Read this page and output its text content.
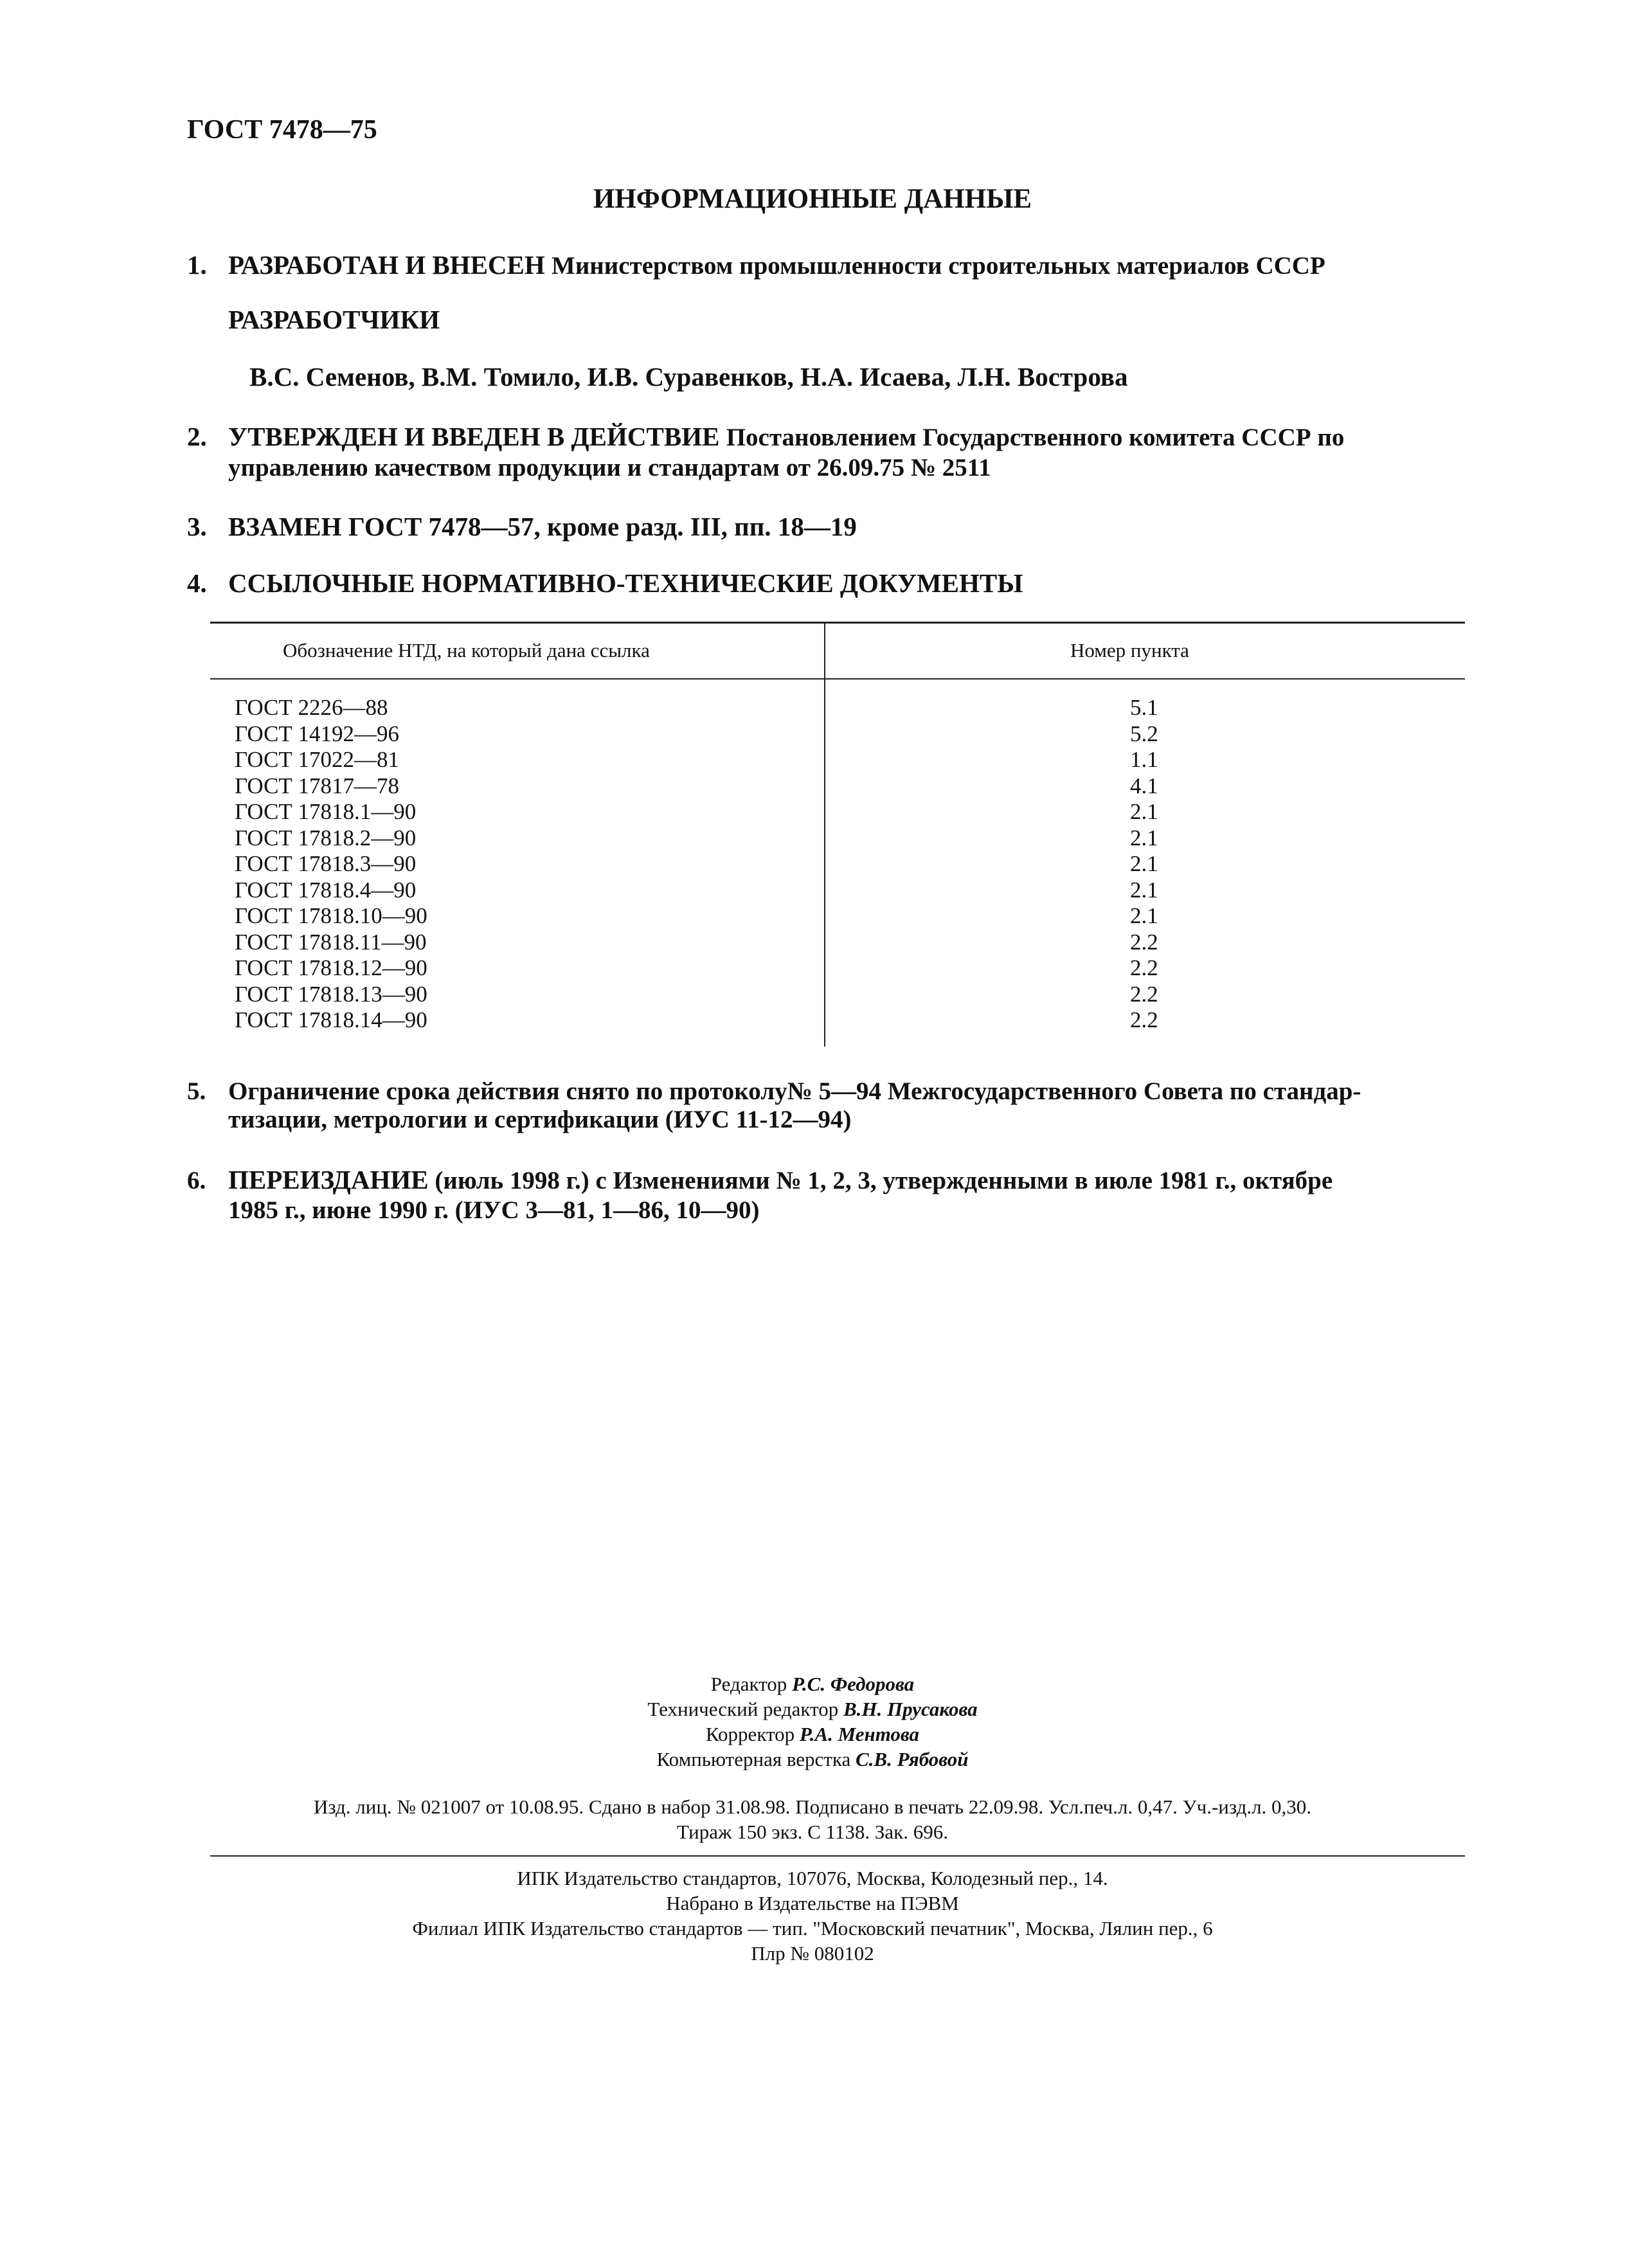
ГОСТ 7478—75
ИНФОРМАЦИОННЫЕ ДАННЫЕ
1. РАЗРАБОТАН И ВНЕСЕН Министерством промышленности строительных материалов СССР
РАЗРАБОТЧИКИ
В.С. Семенов, В.М. Томило, И.В. Суравенков, Н.А. Исаева, Л.Н. Вострова
2. УТВЕРЖДЕН И ВВЕДЕН В ДЕЙСТВИЕ Постановлением Государственного комитета СССР по
управлению качеством продукции и стандартам от 26.09.75 № 2511
3. ВЗАМЕН ГОСТ 7478—57, кроме разд. III, пп. 18—19
4. ССЫЛОЧНЫЕ НОРМАТИВНО-ТЕХНИЧЕСКИЕ ДОКУМЕНТЫ
Обозначение НТД, на который дана ссылка	Номер пункта
ГОСТ 2226—88
ГОСТ 14192—96
ГОСТ 17022—81
ГОСТ 17817—78
ГОСТ 17818.1—90
ГОСТ 17818.2—90
ГОСТ 17818.3—90
ГОСТ 17818.4—90
ГОСТ 17818.10—90
ГОСТ 17818.11—90
ГОСТ 17818.12—90
ГОСТ 17818.13—90
ГОСТ 17818.14—90
5.1
5.2
1.1
4.1
2.1
2.1
2.1
2.1
2.1
2.2
2.2
2.2
2.2
5. Ограничение срока действия снято по протоколу№ 5—94 Межгосударственного Совета по стандар-
тизации, метрологии и сертификации (ИУС 11-12—94)
6. ПЕРЕИЗДАНИЕ (июль 1998 г.) с Изменениями № 1, 2, 3, утвержденными в июле 1981 г., октябре
1985 г., июне 1990 г. (ИУС 3—81, 1—86, 10—90)
Редактор Р.С. Федорова
Технический редактор В.Н. Прусакова
Корректор Р.А. Ментова
Компьютерная верстка С.В. Рябовой
Изд. лиц. № 021007 от 10.08.95. Сдано в набор 31.08.98. Подписано в печать 22.09.98. Усл.печ.л. 0,47. Уч.-изд.л. 0,30.
Тираж 150 экз. С 1138. Зак. 696.
ИПК Издательство стандартов, 107076, Москва, Колодезный пер., 14.
Набрано в Издательстве на ПЭВМ
Филиал ИПК Издательство стандартов — тип. "Московский печатник", Москва, Лялин пер., 6
Плр № 080102
